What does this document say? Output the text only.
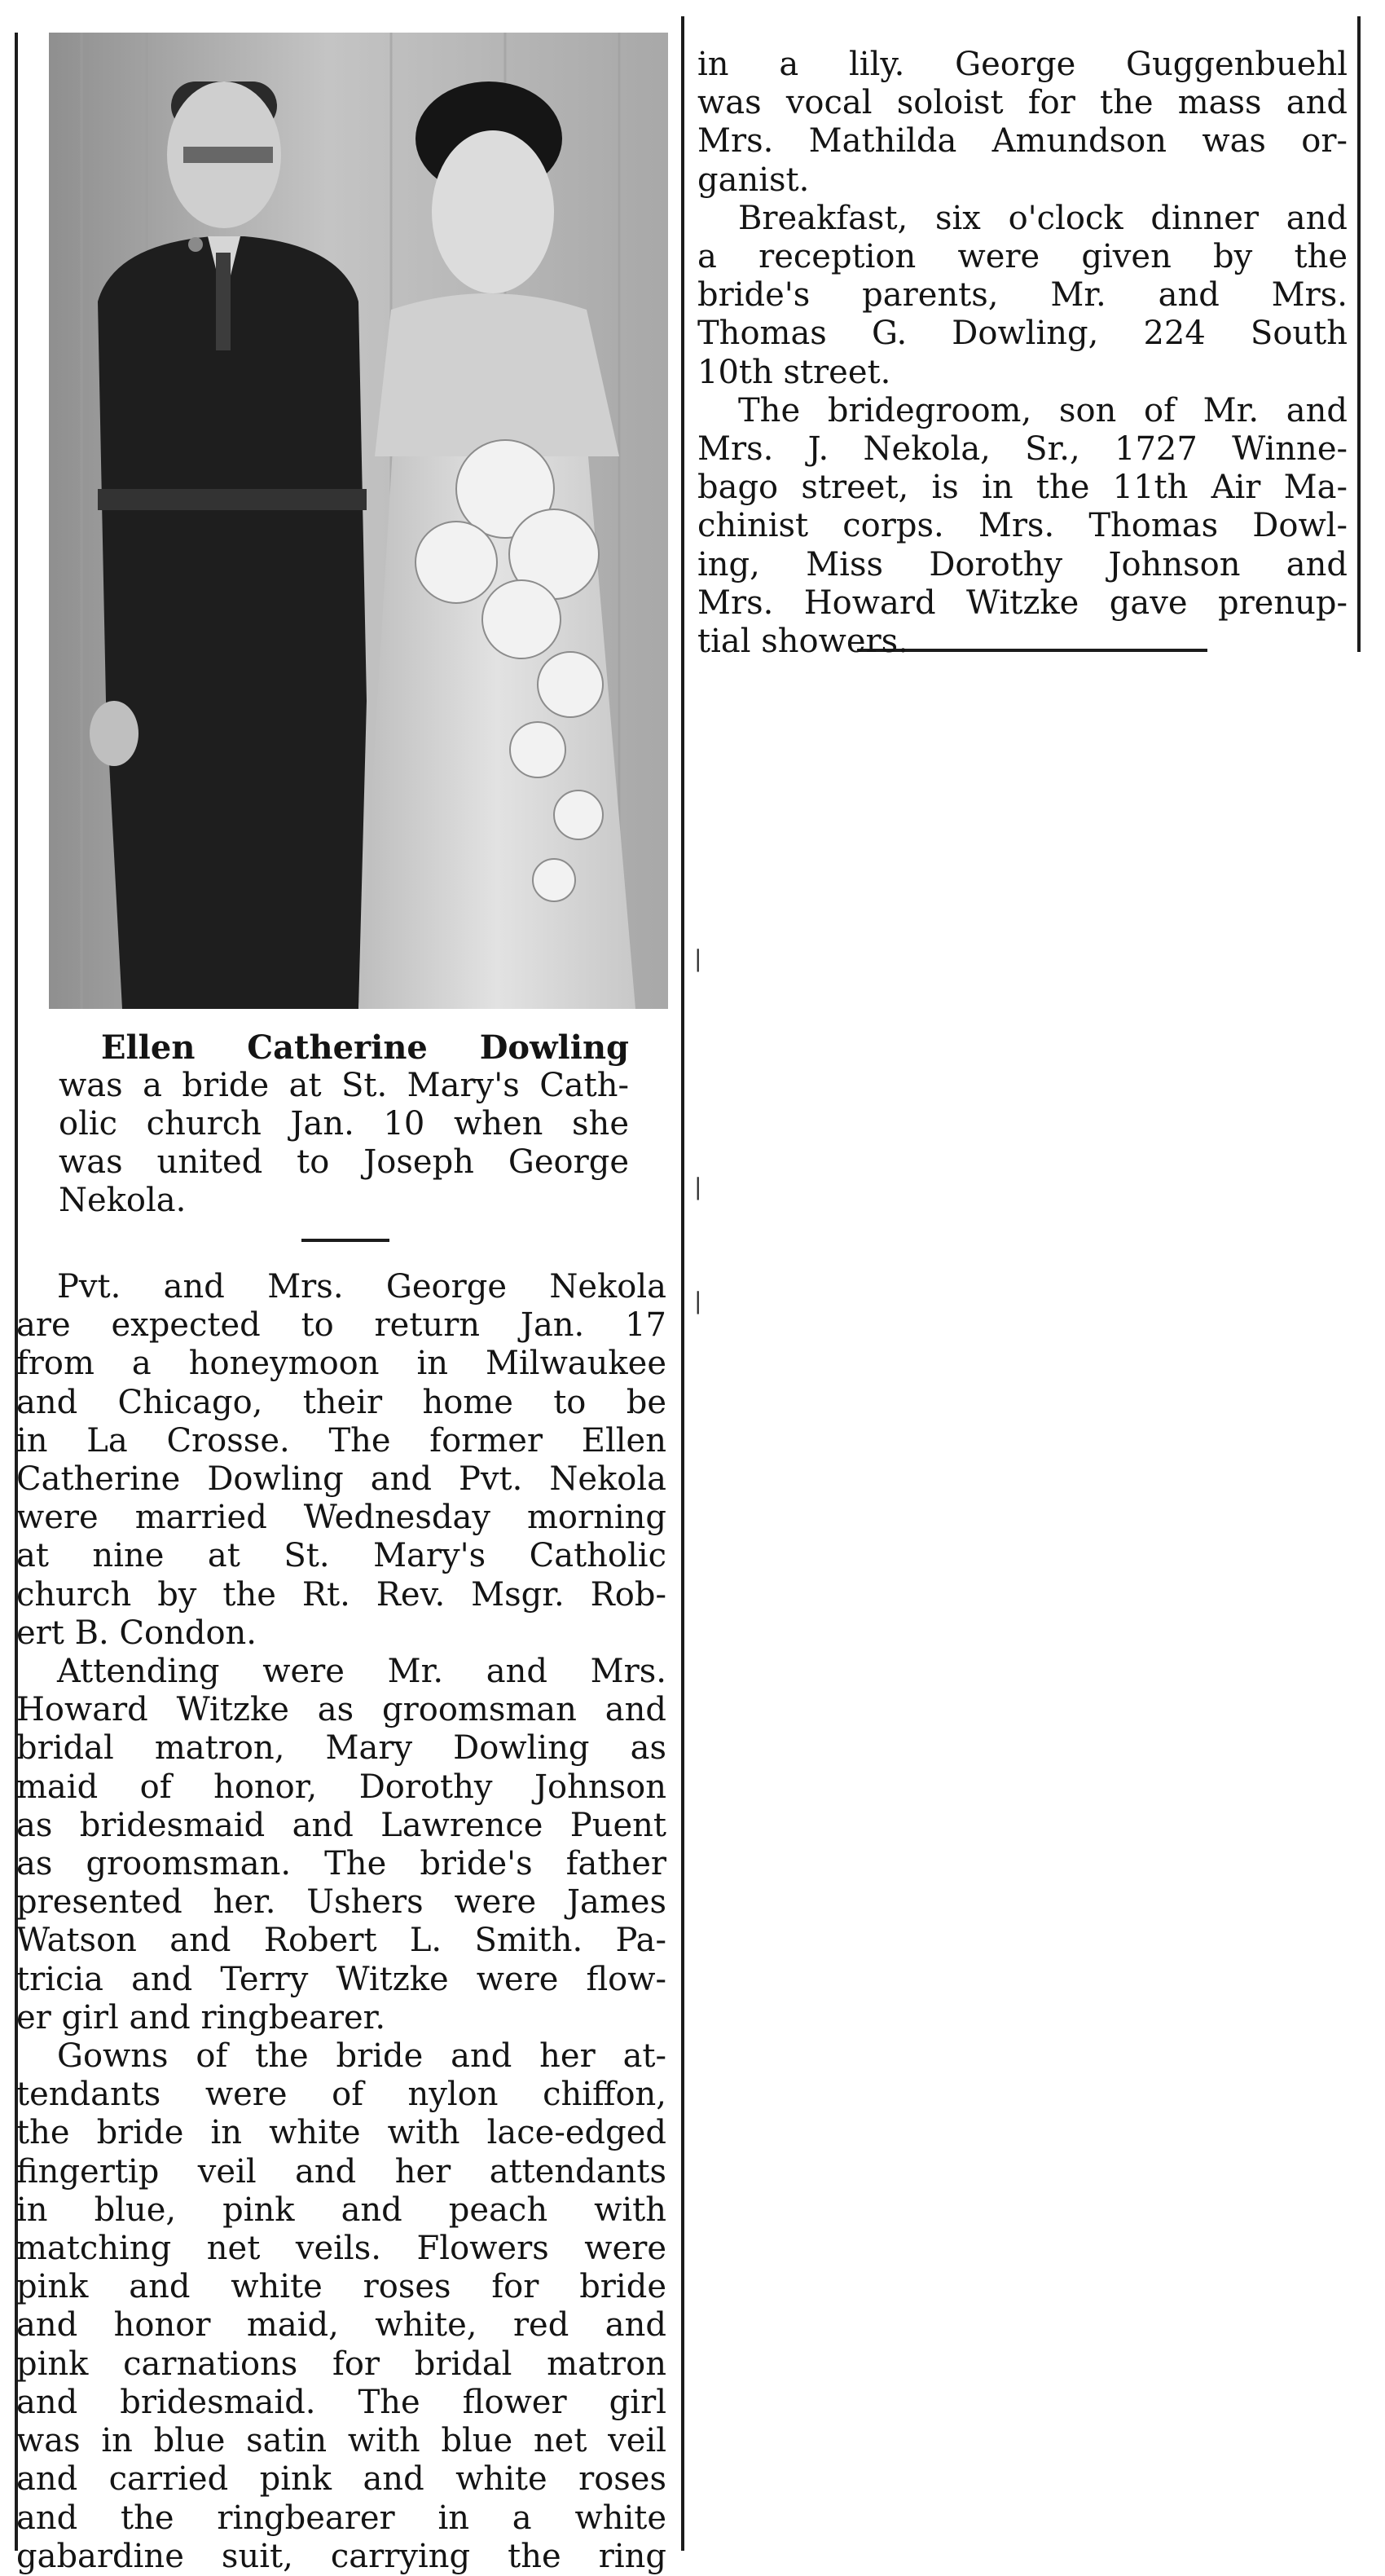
Ellen Catherine Dowling
was a bride at St. Mary's Cath-
olic church Jan. 10 when she
was united to Joseph George
Nekola.
Pvt. and Mrs. George Nekola
are expected to return Jan. 17
from a honeymoon in Milwaukee
and Chicago, their home to be
in La Crosse. The former Ellen
Catherine Dowling and Pvt. Nekola
were married Wednesday morning
at nine at St. Mary's Catholic
church by the Rt. Rev. Msgr. Rob-
ert B. Condon.
Attending were Mr. and Mrs.
Howard Witzke as groomsman and
bridal matron, Mary Dowling as
maid of honor, Dorothy Johnson
as bridesmaid and Lawrence Puent
as groomsman. The bride's father
presented her. Ushers were James
Watson and Robert L. Smith. Pa-
tricia and Terry Witzke were flow-
er girl and ringbearer.
Gowns of the bride and her at-
tendants were of nylon chiffon,
the bride in white with lace-edged
fingertip veil and her attendants
in blue, pink and peach with
matching net veils. Flowers were
pink and white roses for bride
and honor maid, white, red and
pink carnations for bridal matron
and bridesmaid. The flower girl
was in blue satin with blue net veil
and carried pink and white roses
and the ringbearer in a white
gabardine suit, carrying the ring
in a lily. George Guggenbuehl
was vocal soloist for the mass and
Mrs. Mathilda Amundson was or-
ganist.
Breakfast, six o'clock dinner and
a reception were given by the
bride's parents, Mr. and Mrs.
Thomas G. Dowling, 224 South
10th street.
The bridegroom, son of Mr. and
Mrs. J. Nekola, Sr., 1727 Winne-
bago street, is in the 11th Air Ma-
chinist corps. Mrs. Thomas Dowl-
ing, Miss Dorothy Johnson and
Mrs. Howard Witzke gave prenup-
tial showers.
|
|
|
